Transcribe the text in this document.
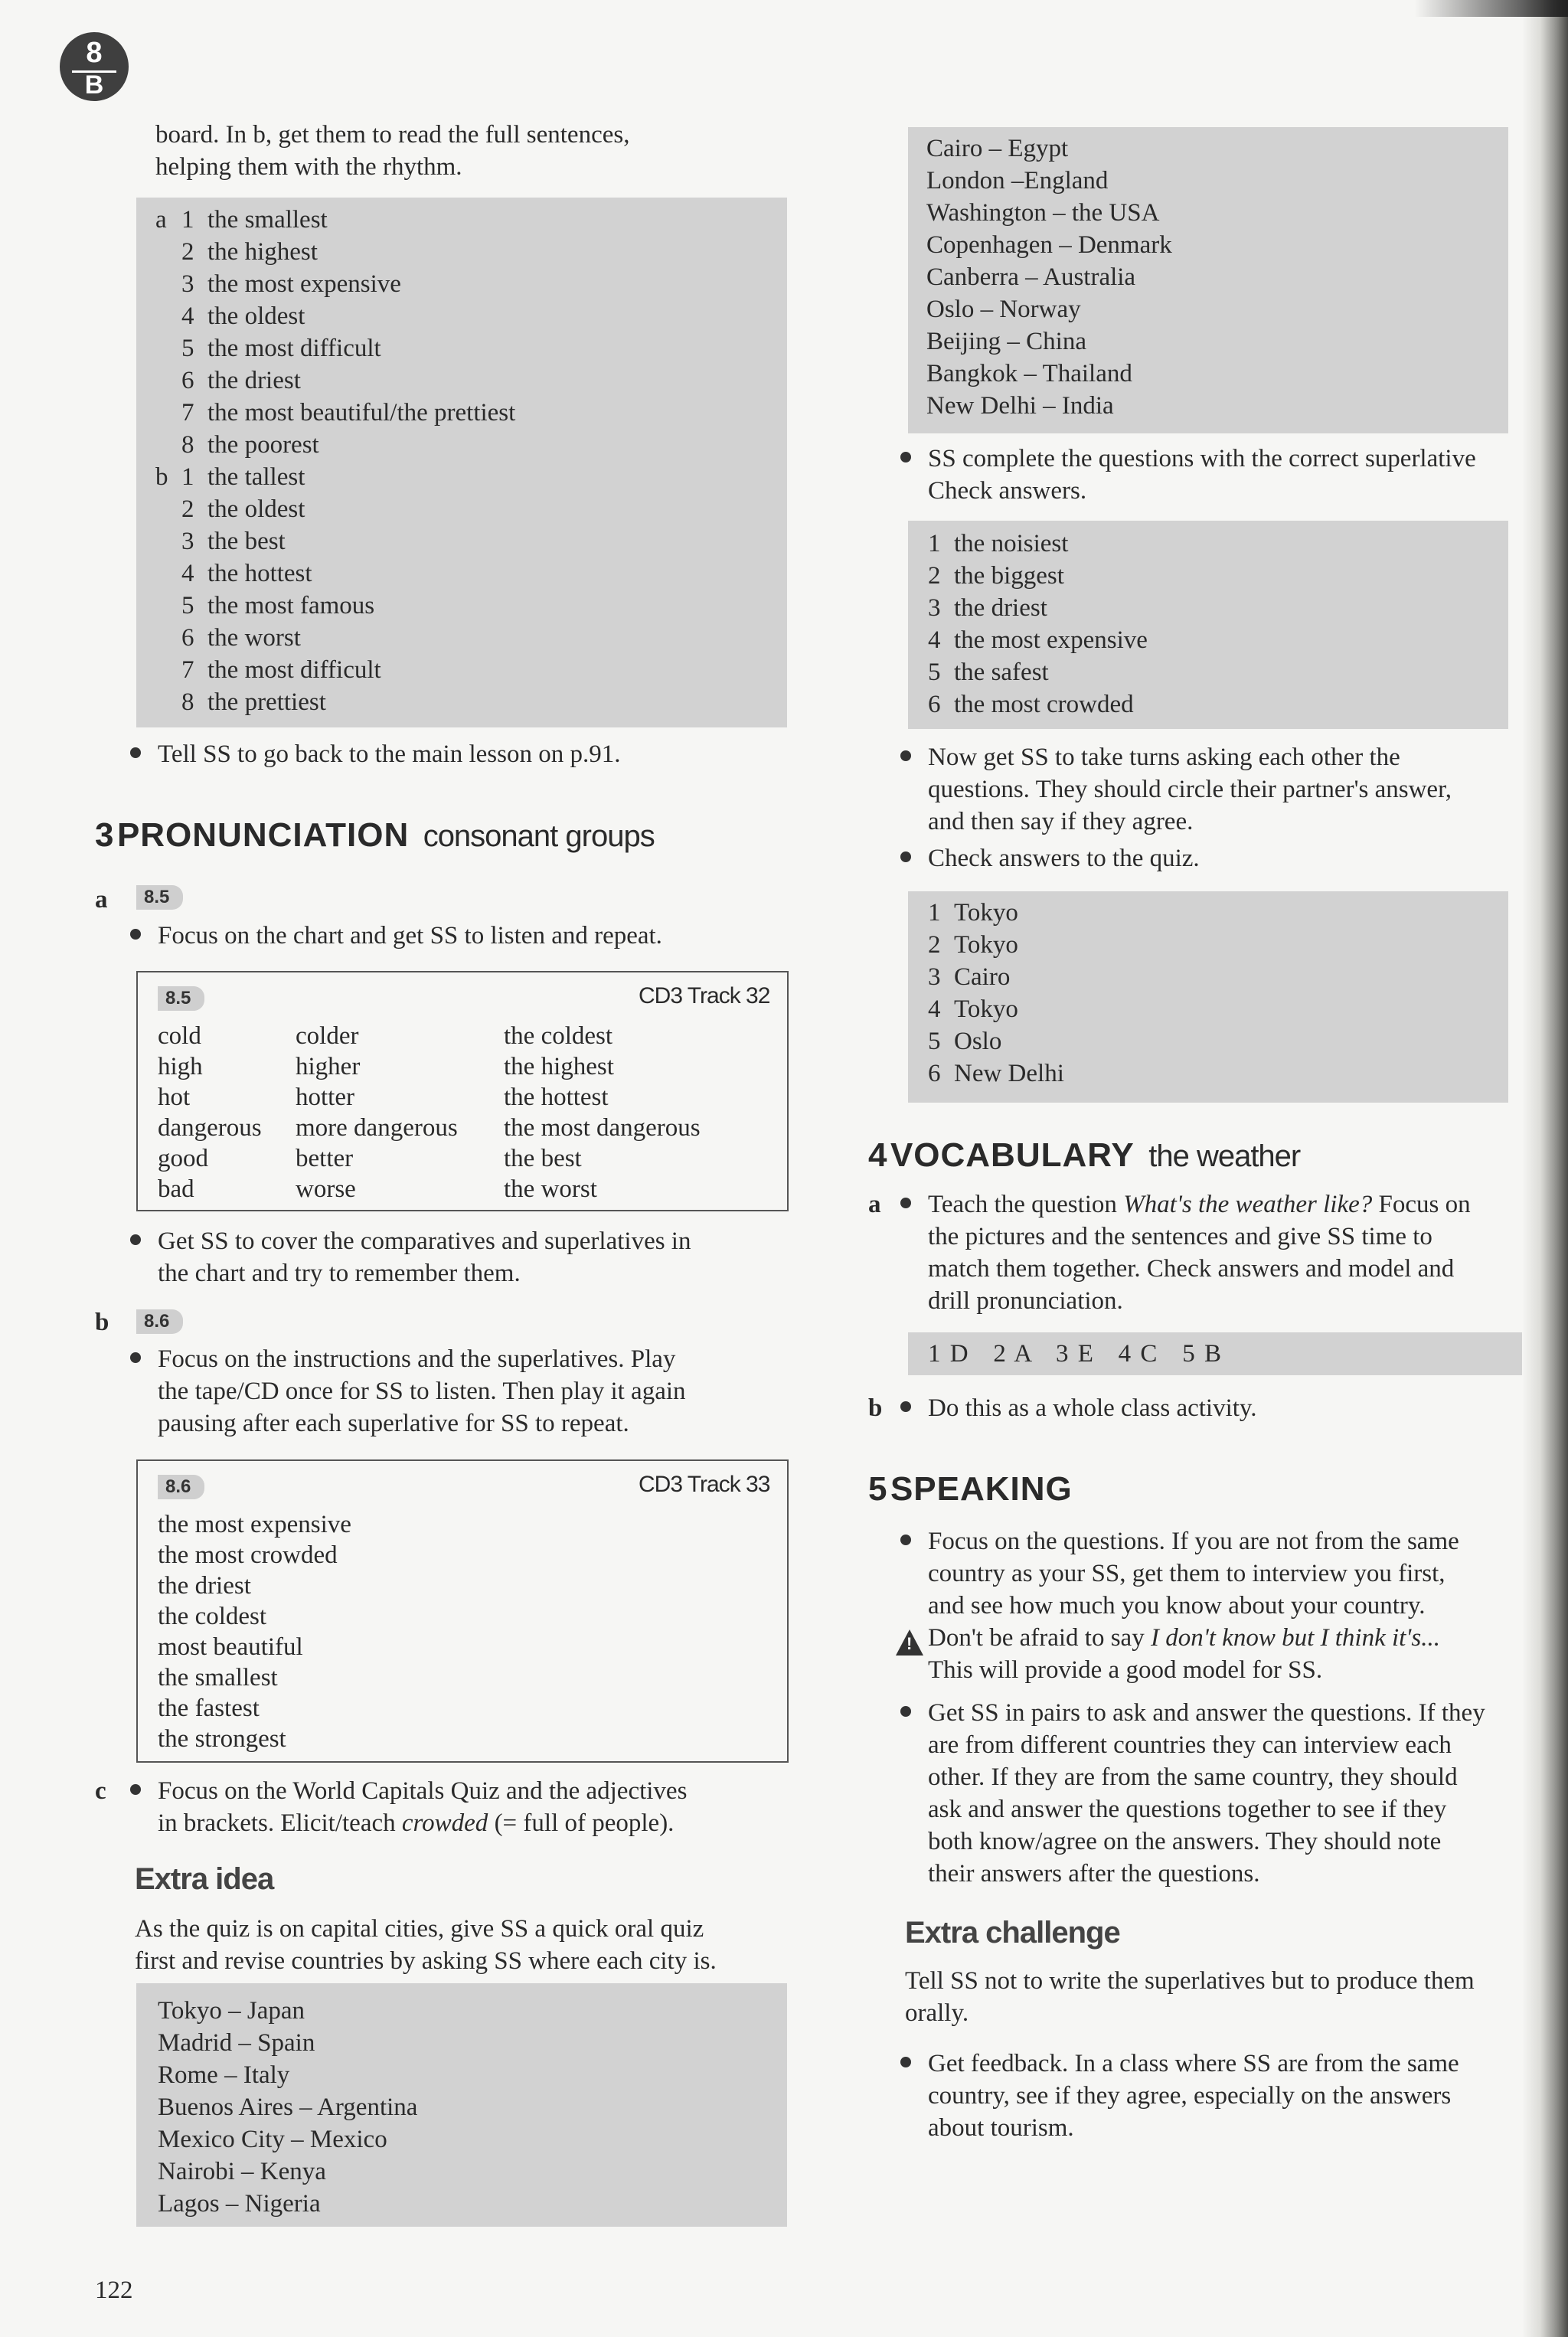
8
B
board. In b, get them to read the full sentences,
helping them with the rhythm.
a 1 the smallest
2 the highest
3 the most expensive
4 the oldest
5 the most difficult
6 the driest
7 the most beautiful/the prettiest
8 the poorest
b 1 the tallest
2 the oldest
3 the best
4 the hottest
5 the most famous
6 the worst
7 the most difficult
8 the prettiest
Tell SS to go back to the main lesson on p.91.
3 PRONUNCIATION consonant groups
a	8.5
Focus on the chart and get SS to listen and repeat.
8.5	CD3 Track 32
cold	colder	the coldest
high	higher	the highest
hot	hotter	the hottest
dangerous	more dangerous	the most dangerous
good	better	the best
bad	worse	the worst
Get SS to cover the comparatives and superlatives in
the chart and try to remember them.
b	8.6
Focus on the instructions and the superlatives. Play
the tape/CD once for SS to listen. Then play it again
pausing after each superlative for SS to repeat.
8.6	CD3 Track 33
the most expensive
the most crowded
the driest
the coldest
most beautiful
the smallest
the fastest
the strongest
c Focus on the World Capitals Quiz and the adjectives
in brackets. Elicit/teach crowded (= full of people).
Extra idea
As the quiz is on capital cities, give SS a quick oral quiz
first and revise countries by asking SS where each city is.
Tokyo – Japan
Madrid – Spain
Rome – Italy
Buenos Aires – Argentina
Mexico City – Mexico
Nairobi – Kenya
Lagos – Nigeria
122
Cairo – Egypt
London –England
Washington – the USA
Copenhagen – Denmark
Canberra – Australia
Oslo – Norway
Beijing – China
Bangkok – Thailand
New Delhi – India
SS complete the questions with the correct superlative
Check answers.
1 the noisiest
2 the biggest
3 the driest
4 the most expensive
5 the safest
6 the most crowded
Now get SS to take turns asking each other the
questions. They should circle their partner's answer,
and then say if they agree.
Check answers to the quiz.
1 Tokyo
2 Tokyo
3 Cairo
4 Tokyo
5 Oslo
6 New Delhi
4 VOCABULARY the weather
a Teach the question What's the weather like? Focus on
the pictures and the sentences and give SS time to
match them together. Check answers and model and
drill pronunciation.
1 D   2 A   3 E   4 C   5 B
b Do this as a whole class activity.
5 SPEAKING
Focus on the questions. If you are not from the same
country as your SS, get them to interview you first,
and see how much you know about your country.
! Don't be afraid to say I don't know but I think it's...
This will provide a good model for SS.
Get SS in pairs to ask and answer the questions. If they
are from different countries they can interview each
other. If they are from the same country, they should
ask and answer the questions together to see if they
both know/agree on the answers. They should note
their answers after the questions.
Extra challenge
Tell SS not to write the superlatives but to produce them
orally.
Get feedback. In a class where SS are from the same
country, see if they agree, especially on the answers
about tourism.
